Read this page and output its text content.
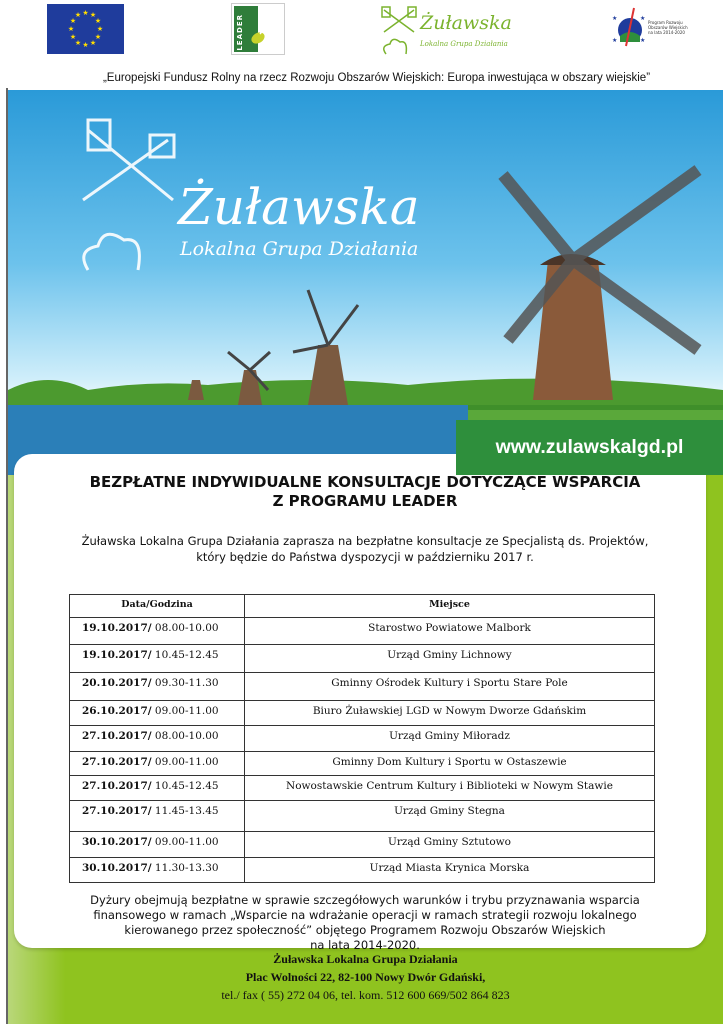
★ ★
★
★
★
★
★
★
★
★
★
★	LEADER	Żuławska
Lokalna Grupa Działania
★	★
★	★
Program Rozwoju Obszarów Wiejskich na lata 2014-2020
„Europejski Fundusz Rolny na rzecz Rozwoju Obszarów Wiejskich: Europa inwestująca w obszary wiejskie”
Żuławska
Lokalna Grupa Działania
www.zulawskalgd.pl
BEZPŁATNE INDYWIDUALNE KONSULTACJE DOTYCZĄCE WSPARCIA
Z PROGRAMU LEADER
Żuławska Lokalna Grupa Działania zaprasza na bezpłatne konsultacje ze Specjalistą ds. Projektów,
który będzie do Państwa dyspozycji w październiku 2017 r.
Data/Godzina	Miejsce
19.10.2017/ 08.00-10.00	Starostwo Powiatowe Malbork
19.10.2017/ 10.45-12.45	Urząd Gminy Lichnowy
20.10.2017/ 09.30-11.30	Gminny Ośrodek Kultury i Sportu Stare Pole
26.10.2017/ 09.00-11.00	Biuro Żuławskiej LGD w Nowym Dworze Gdańskim
27.10.2017/ 08.00-10.00	Urząd Gminy Miłoradz
27.10.2017/ 09.00-11.00	Gminny Dom Kultury i Sportu w Ostaszewie
27.10.2017/ 10.45-12.45	Nowostawskie Centrum Kultury i Biblioteki w Nowym Stawie
27.10.2017/ 11.45-13.45	Urząd Gminy Stegna
30.10.2017/ 09.00-11.00	Urząd Gminy Sztutowo
30.10.2017/ 11.30-13.30	Urząd Miasta Krynica Morska
Dyżury obejmują bezpłatne w sprawie szczegółowych warunków i trybu przyznawania wsparcia
finansowego w ramach „Wsparcie na wdrażanie operacji w ramach strategii rozwoju lokalnego
kierowanego przez społeczność” objętego Programem Rozwoju Obszarów Wiejskich
na lata 2014-2020.
Żuławska Lokalna Grupa Działania
Plac Wolności 22, 82-100 Nowy Dwór Gdański,
tel./ fax ( 55) 272 04 06, tel. kom. 512 600 669/502 864 823
